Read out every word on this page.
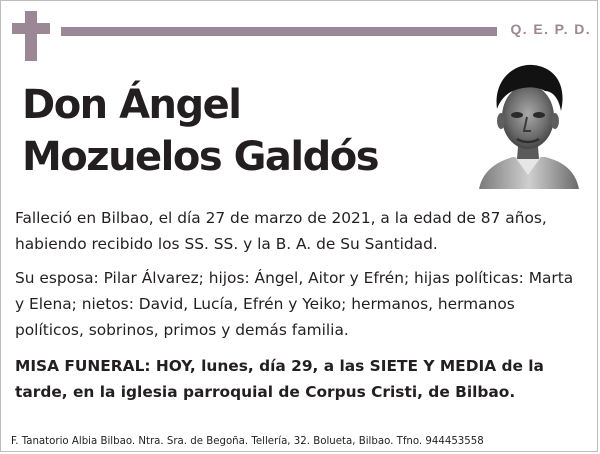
Q. E. P. D.
Don Ángel
Mozuelos Galdós
Falleció en Bilbao, el día 27 de marzo de 2021, a la edad de 87 años, habiendo recibido los SS. SS. y la B. A. de Su Santidad.
Su esposa: Pilar Álvarez; hijos: Ángel, Aitor y Efrén; hijas políticas: Marta y Elena; nietos: David, Lucía, Efrén y Yeiko; hermanos, hermanos políticos, sobrinos, primos y demás familia.
MISA FUNERAL: HOY, lunes, día 29, a las SIETE Y MEDIA de la tarde, en la iglesia parroquial de Corpus Cristi, de Bilbao.
F. Tanatorio Albia Bilbao. Ntra. Sra. de Begoña. Tellería, 32. Bolueta, Bilbao. Tfno. 944453558
